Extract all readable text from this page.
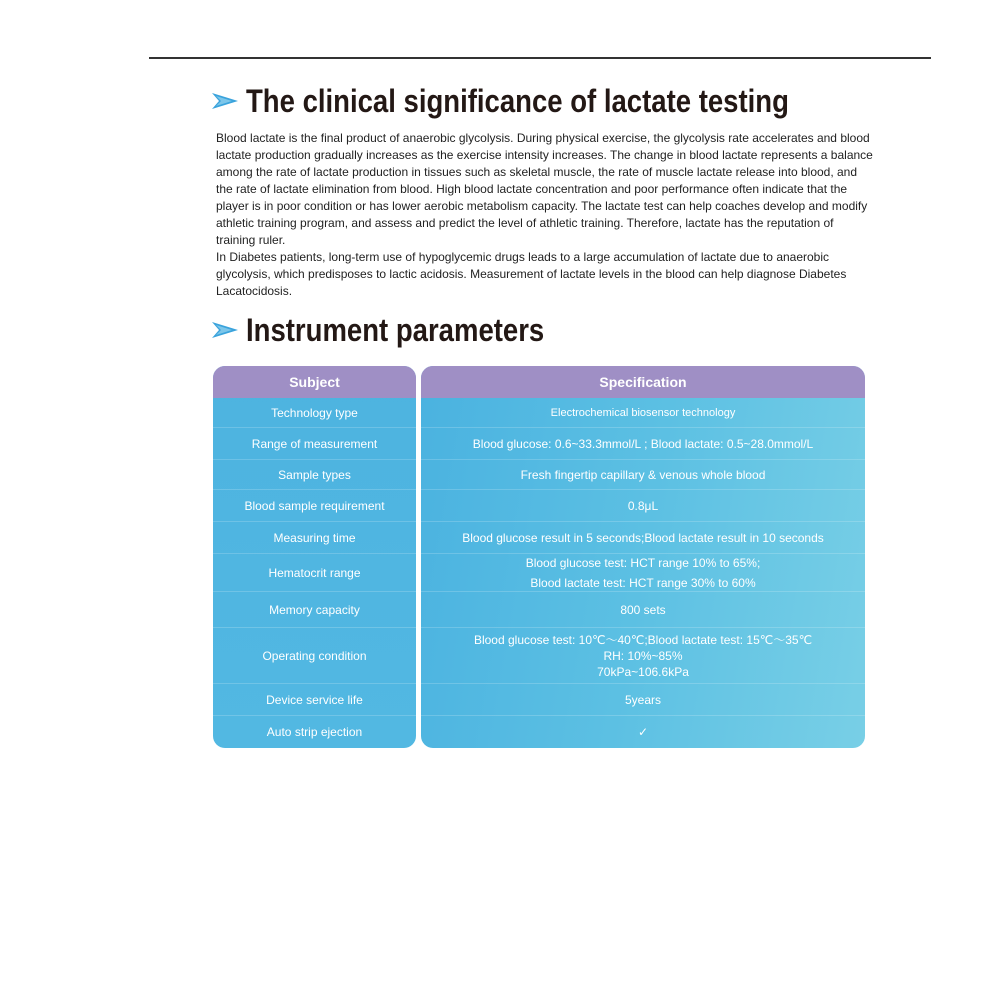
The clinical significance of lactate testing

Blood lactate is the final product of anaerobic glycolysis. During physical exercise, the glycolysis rate accelerates and blood lactate production gradually increases as the exercise intensity increases. The change in blood lactate represents a balance among the rate of lactate production in tissues such as skeletal muscle, the rate of muscle lactate release into blood, and the rate of lactate elimination from blood. High blood lactate concentration and poor performance often indicate that the player is in poor condition or has lower aerobic metabolism capacity. The lactate test can help coaches develop and modify athletic training program, and assess and predict the level of athletic training. Therefore, lactate has the reputation of training ruler.

In Diabetes patients, long-term use of hypoglycemic drugs leads to a large accumulation of lactate due to anaerobic glycolysis, which predisposes to lactic acidosis. Measurement of lactate levels in the blood can help diagnose Diabetes Lacatocidosis.

Instrument parameters
Subject
Technology type
Range of measurement
Sample types
Blood sample requirement
Measuring time
Hematocrit range
Memory capacity
Operating condition
Device service life
Auto strip ejection
Specification
Electrochemical biosensor technology
Blood glucose: 0.6~33.3mmol/L ; Blood lactate: 0.5~28.0mmol/L
Fresh fingertip capillary & venous whole blood
0.8μL
Blood glucose result in 5 seconds;Blood lactate result in 10 seconds
Blood glucose test: HCT range 10% to 65%;
Blood lactate test: HCT range 30% to 60%
800 sets
Blood glucose test: 10℃～40℃;Blood lactate test: 15℃～35℃
RH: 10%~85%
70kPa~106.6kPa
5years
✓
